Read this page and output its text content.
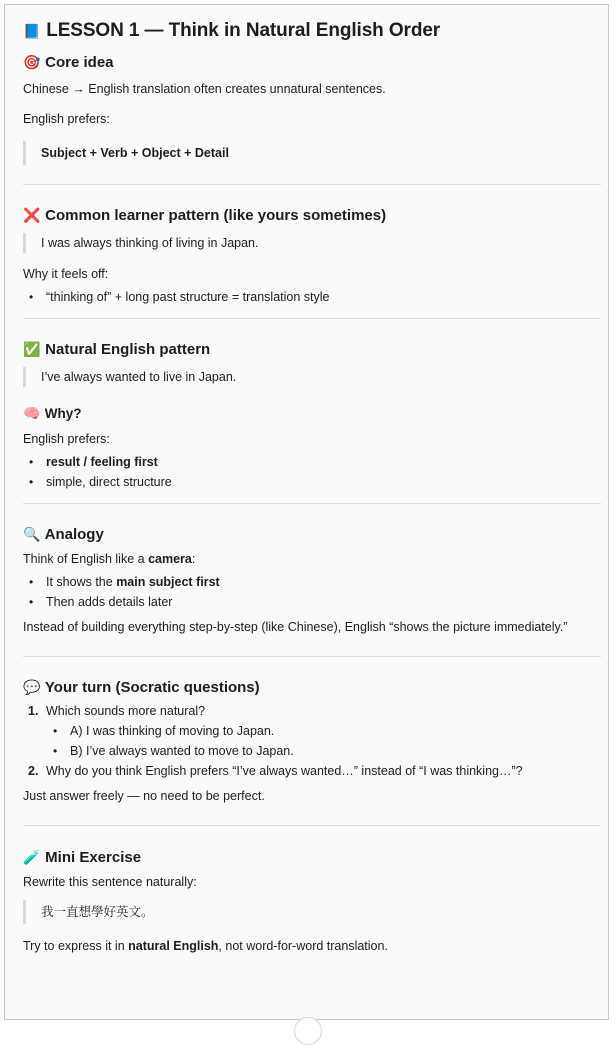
📘 LESSON 1 — Think in Natural English Order
🎯 Core idea

Chinese → English translation often creates unnatural sentences.

English prefers:

Subject + Verb + Object + Detail
❌ Common learner pattern (like yours sometimes)
I was always thinking of living in Japan.

Why it feels off:

• “thinking of” + long past structure = translation style
✅ Natural English pattern
I’ve always wanted to live in Japan.
🧠 Why?

English prefers:

• result / feeling first
• simple, direct structure
🔍 Analogy

Think of English like a camera:

• It shows the main subject first
• Then adds details later

Instead of building everything step-by-step (like Chinese), English “shows the picture immediately.”

💬 Your turn (Socratic questions)
1. Which sounds more natural?
• A) I was thinking of moving to Japan.
• B) I’ve always wanted to move to Japan.
2. Why do you think English prefers “I’ve always wanted…” instead of “I was thinking…”?

Just answer freely — no need to be perfect.

🧪 Mini Exercise

Rewrite this sentence naturally:

我一直想學好英文。

Try to express it in natural English, not word-for-word translation.
